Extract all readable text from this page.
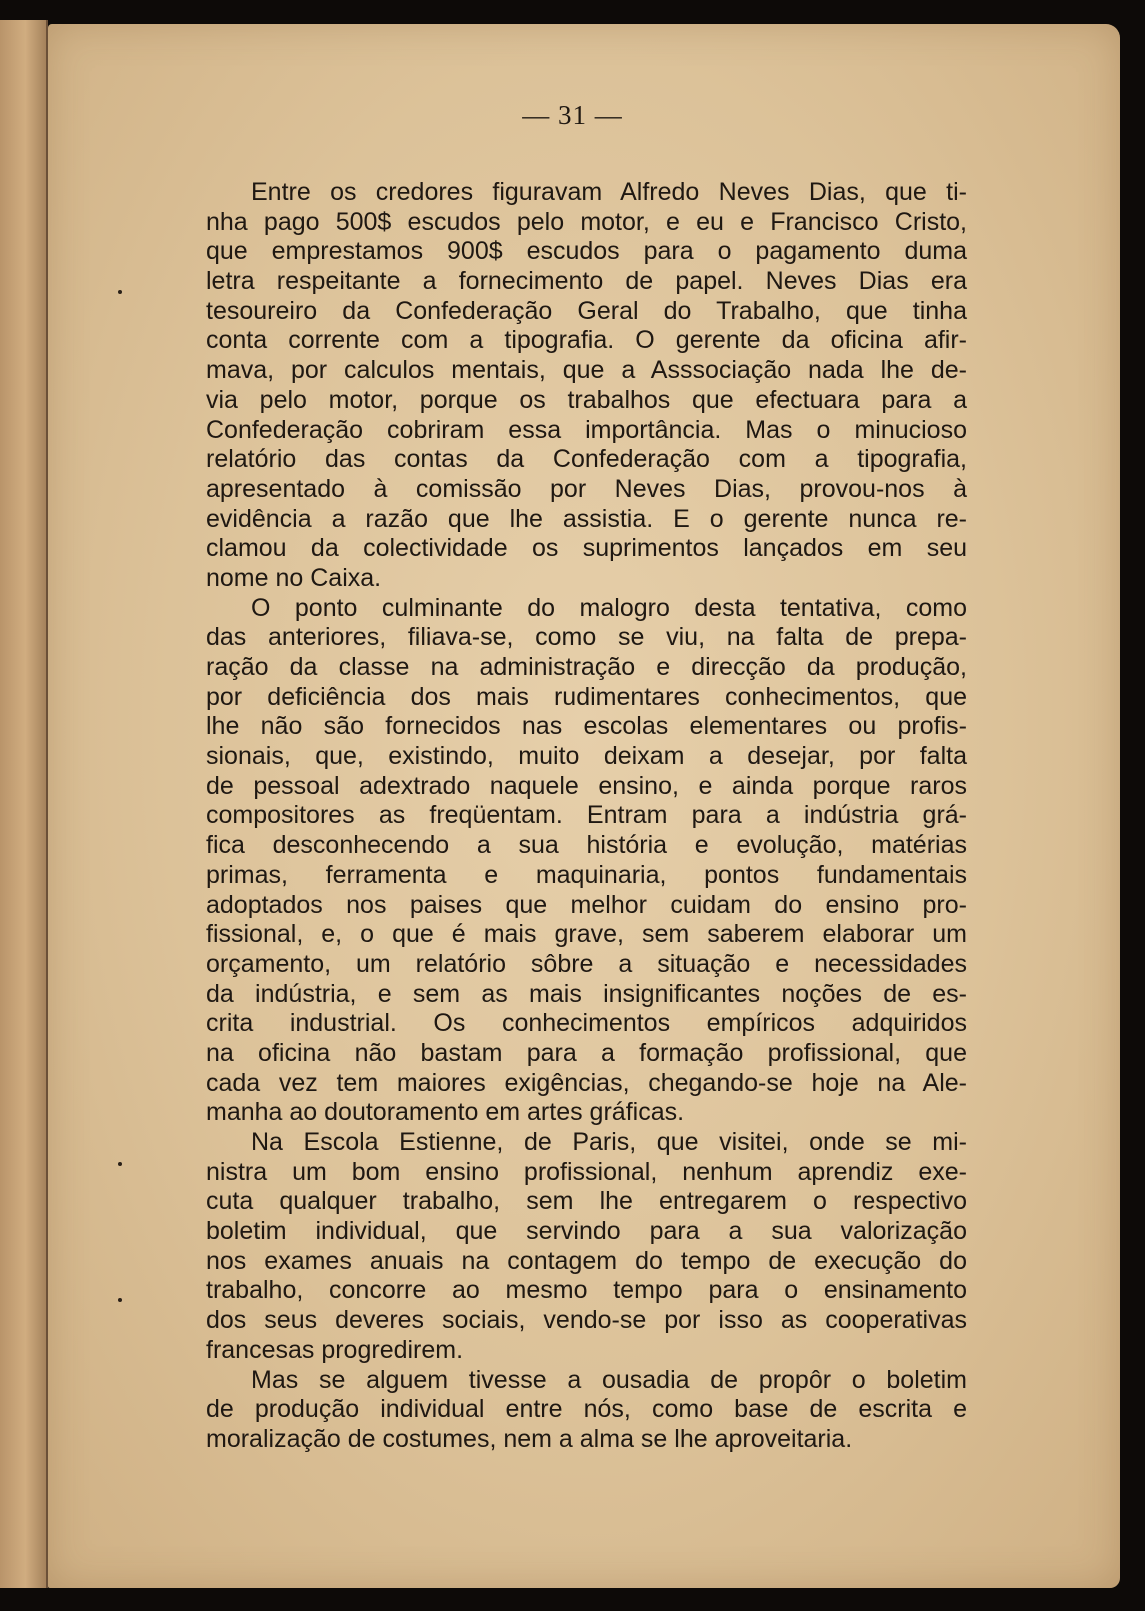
— 31 —
Entre os credores figuravam Alfredo Neves Dias, que ti-
nha pago 500$ escudos pelo motor, e eu e Francisco Cristo,
que emprestamos 900$ escudos para o pagamento duma
letra respeitante a fornecimento de papel. Neves Dias era
tesoureiro da Confederação Geral do Trabalho, que tinha
conta corrente com a tipografia. O gerente da oficina afir-
mava, por calculos mentais, que a Asssociação nada lhe de-
via pelo motor, porque os trabalhos que efectuara para a
Confederação cobriram essa importância. Mas o minucioso
relatório das contas da Confederação com a tipografia,
apresentado à comissão por Neves Dias, provou-nos à
evidência a razão que lhe assistia. E o gerente nunca re-
clamou da colectividade os suprimentos lançados em seu
nome no Caixa.
O ponto culminante do malogro desta tentativa, como
das anteriores, filiava-se, como se viu, na falta de prepa-
ração da classe na administração e direcção da produção,
por deficiência dos mais rudimentares conhecimentos, que
lhe não são fornecidos nas escolas elementares ou profis-
sionais, que, existindo, muito deixam a desejar, por falta
de pessoal adextrado naquele ensino, e ainda porque raros
compositores as freqüentam. Entram para a indústria grá-
fica desconhecendo a sua história e evolução, matérias
primas, ferramenta e maquinaria, pontos fundamentais
adoptados nos paises que melhor cuidam do ensino pro-
fissional, e, o que é mais grave, sem saberem elaborar um
orçamento, um relatório sôbre a situação e necessidades
da indústria, e sem as mais insignificantes noções de es-
crita industrial. Os conhecimentos empíricos adquiridos
na oficina não bastam para a formação profissional, que
cada vez tem maiores exigências, chegando-se hoje na Ale-
manha ao doutoramento em artes gráficas.
Na Escola Estienne, de Paris, que visitei, onde se mi-
nistra um bom ensino profissional, nenhum aprendiz exe-
cuta qualquer trabalho, sem lhe entregarem o respectivo
boletim individual, que servindo para a sua valorização
nos exames anuais na contagem do tempo de execução do
trabalho, concorre ao mesmo tempo para o ensinamento
dos seus deveres sociais, vendo-se por isso as cooperativas
francesas progredirem.
Mas se alguem tivesse a ousadia de propôr o boletim
de produção individual entre nós, como base de escrita e
moralização de costumes, nem a alma se lhe aproveitaria.
